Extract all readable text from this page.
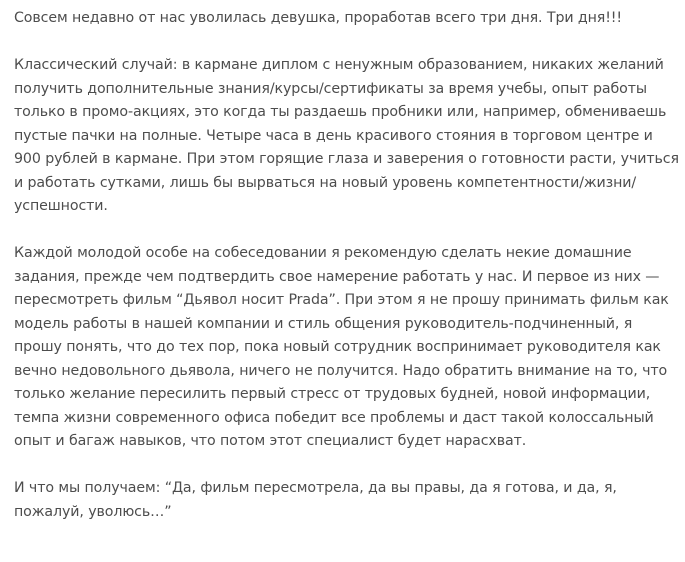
Совсем недавно от нас уволилась девушка, проработав всего три дня. Три дня!!!
Классический случай: в кармане диплом с ненужным образованием, никаких желаний
получить дополнительные знания/курсы/сертификаты за время учебы, опыт работы
только в промо-акциях, это когда ты раздаешь пробники или, например, обмениваешь
пустые пачки на полные. Четыре часа в день красивого стояния в торговом центре и
900 рублей в кармане. При этом горящие глаза и заверения о готовности расти, учиться
и работать сутками, лишь бы вырваться на новый уровень компетентности/жизни/
успешности.
Каждой молодой особе на собеседовании я рекомендую сделать некие домашние
задания, прежде чем подтвердить свое намерение работать у нас. И первое из них —
пересмотреть фильм “Дьявол носит Prada”. При этом я не прошу принимать фильм как
модель работы в нашей компании и стиль общения руководитель-подчиненный, я
прошу понять, что до тех пор, пока новый сотрудник воспринимает руководителя как
вечно недовольного дьявола, ничего не получится. Надо обратить внимание на то, что
только желание пересилить первый стресс от трудовых будней, новой информации,
темпа жизни современного офиса победит все проблемы и даст такой колоссальный
опыт и багаж навыков, что потом этот специалист будет нарасхват.
И что мы получаем: “Да, фильм пересмотрела, да вы правы, да я готова, и да, я,
пожалуй, уволюсь…”
